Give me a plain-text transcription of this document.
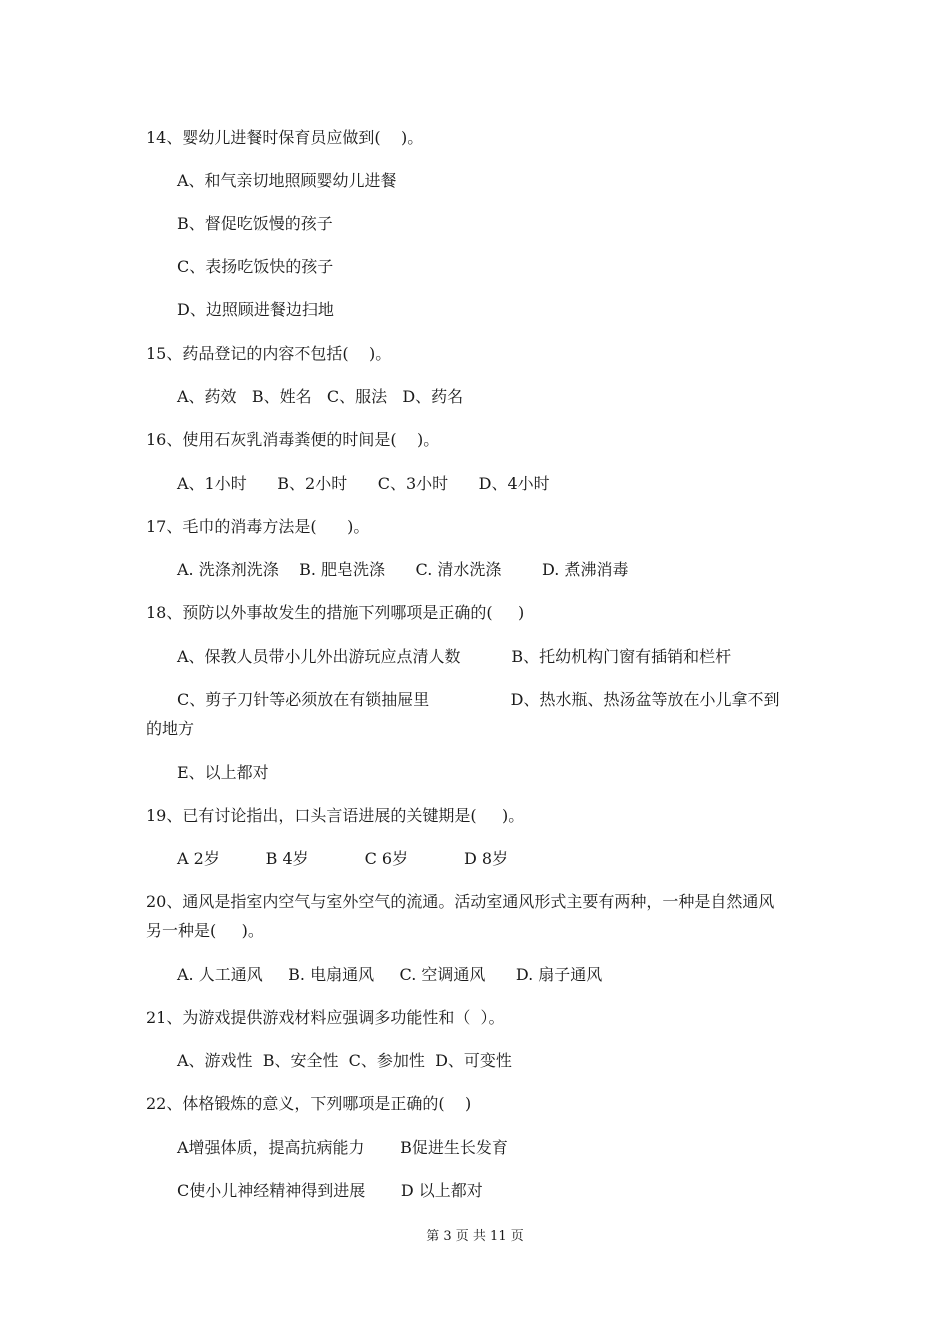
14、婴幼儿进餐时保育员应做到(    )。
A、和气亲切地照顾婴幼儿进餐
B、督促吃饭慢的孩子
C、表扬吃饭快的孩子
D、边照顾进餐边扫地
15、药品登记的内容不包括(    )。
A、药效   B、姓名   C、服法   D、药名
16、使用石灰乳消毒粪便的时间是(    )。
A、1小时      B、2小时      C、3小时      D、4小时
17、毛巾的消毒方法是(      )。
A. 洗涤剂洗涤    B. 肥皂洗涤      C. 清水洗涤        D. 煮沸消毒
18、预防以外事故发生的措施下列哪项是正确的(     )
A、保教人员带小儿外出游玩应点清人数          B、托幼机构门窗有插销和栏杆
C、剪子刀针等必须放在有锁抽屉里                D、热水瓶、热汤盆等放在小儿拿不到
的地方
E、以上都对
19、已有讨论指出，口头言语进展的关键期是(     )。
A 2岁         B 4岁           C 6岁           D 8岁
20、通风是指室内空气与室外空气的流通。活动室通风形式主要有两种，一种是自然通风
另一种是(     )。
A. 人工通风     B. 电扇通风     C. 空调通风      D. 扇子通风
21、为游戏提供游戏材料应强调多功能性和（  ）。
A、游戏性  B、安全性  C、参加性  D、可变性
22、体格锻炼的意义，下列哪项是正确的(    )
A增强体质，提高抗病能力       B促进生长发育
C使小儿神经精神得到进展       D 以上都对
第 3 页 共 11 页
